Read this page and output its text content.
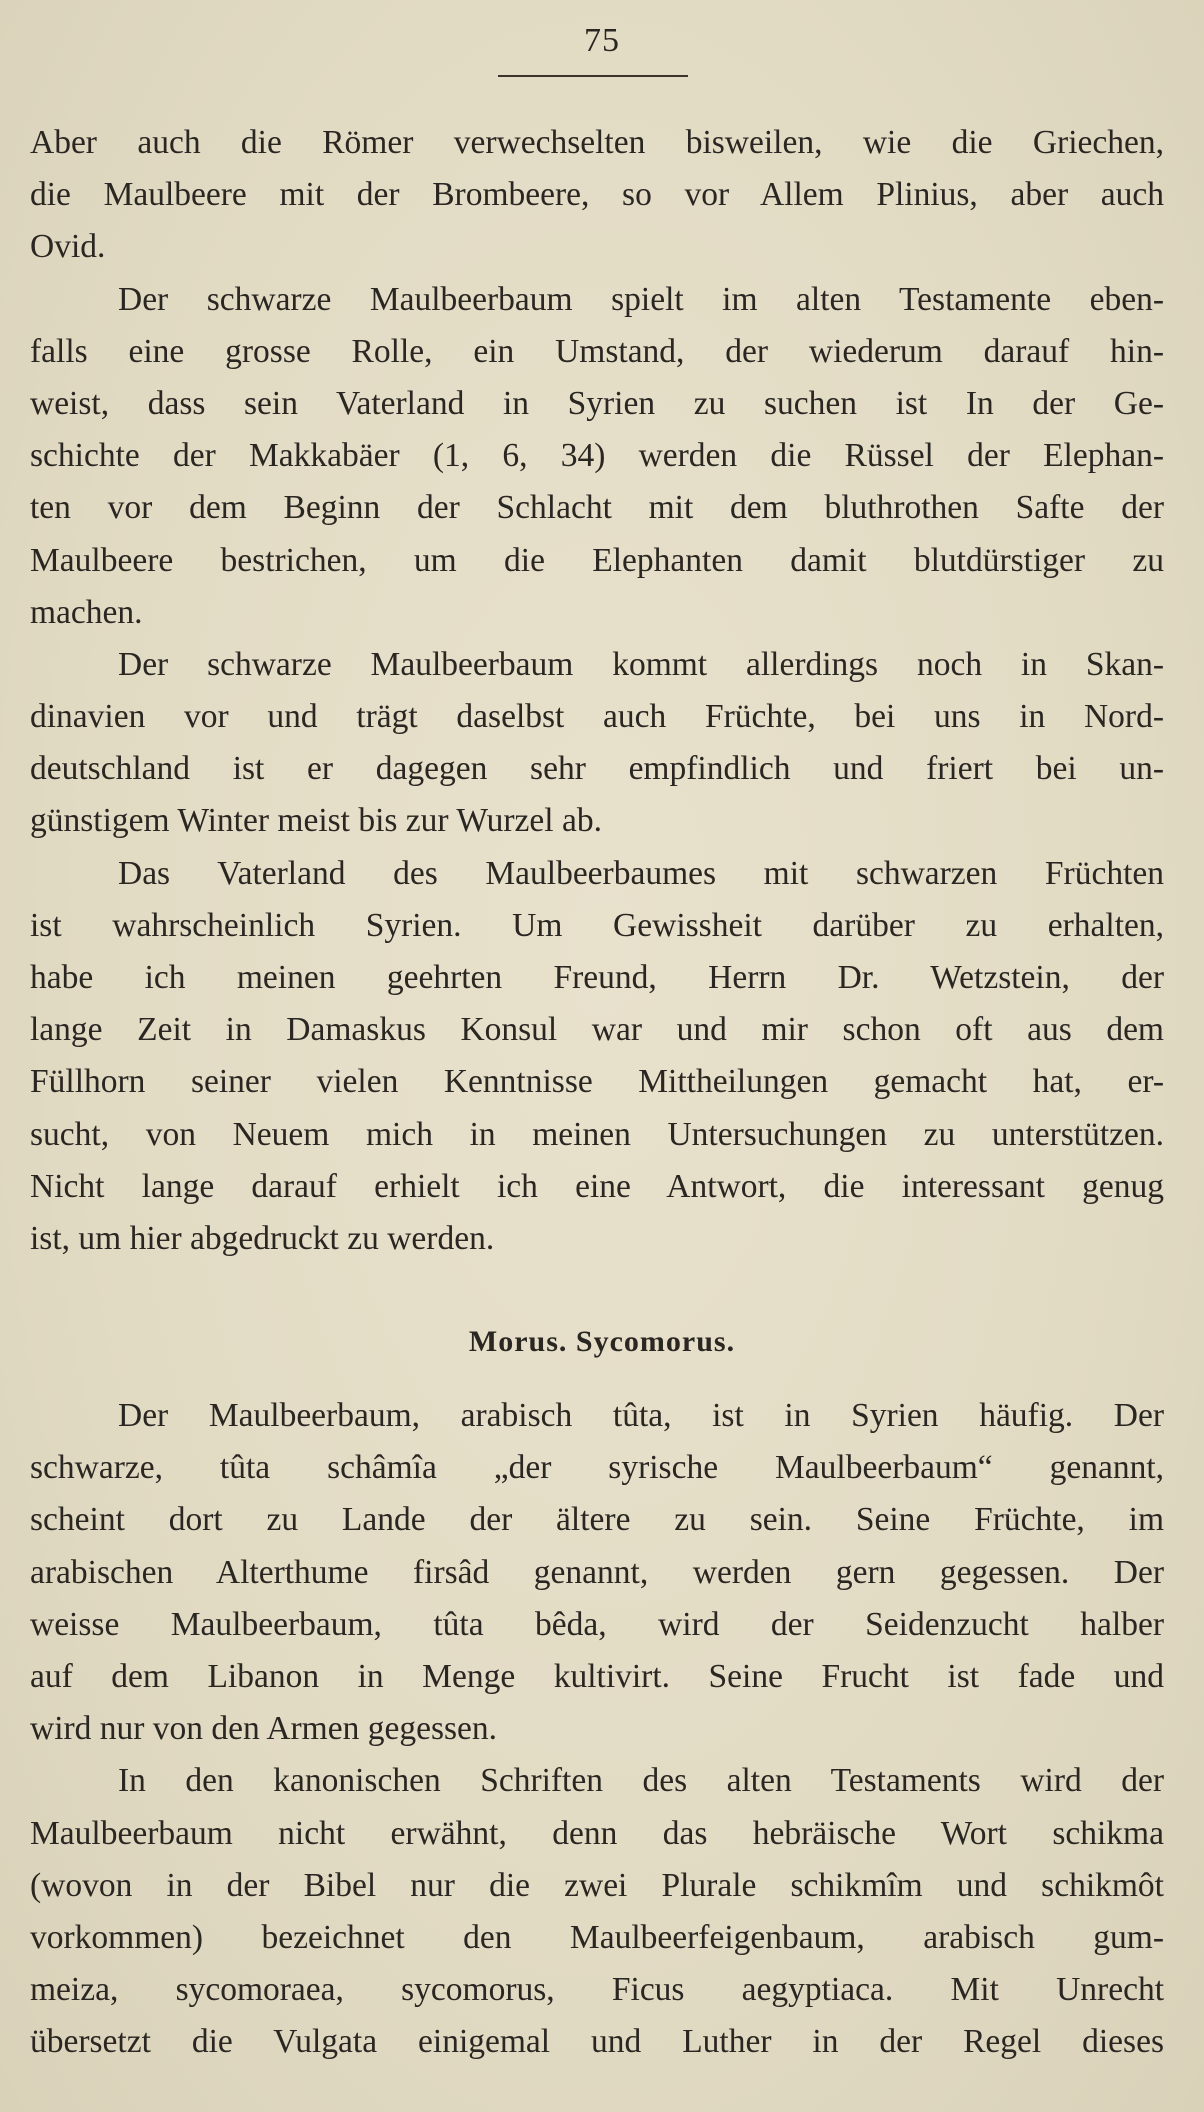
75
Aber auch die Römer verwechselten bisweilen, wie die Griechen,
die Maulbeere mit der Brombeere, so vor Allem Plinius, aber auch
Ovid.
Der schwarze Maulbeerbaum spielt im alten Testamente eben-
falls eine grosse Rolle, ein Umstand, der wiederum darauf hin-
weist, dass sein Vaterland in Syrien zu suchen ist In der Ge-
schichte der Makkabäer (1, 6, 34) werden die Rüssel der Elephan-
ten vor dem Beginn der Schlacht mit dem bluthrothen Safte der
Maulbeere bestrichen, um die Elephanten damit blutdürstiger zu
machen.
Der schwarze Maulbeerbaum kommt allerdings noch in Skan-
dinavien vor und trägt daselbst auch Früchte, bei uns in Nord-
deutschland ist er dagegen sehr empfindlich und friert bei un-
günstigem Winter meist bis zur Wurzel ab.
Das Vaterland des Maulbeerbaumes mit schwarzen Früchten
ist wahrscheinlich Syrien. Um Gewissheit darüber zu erhalten,
habe ich meinen geehrten Freund, Herrn Dr. Wetzstein, der
lange Zeit in Damaskus Konsul war und mir schon oft aus dem
Füllhorn seiner vielen Kenntnisse Mittheilungen gemacht hat, er-
sucht, von Neuem mich in meinen Untersuchungen zu unterstützen.
Nicht lange darauf erhielt ich eine Antwort, die interessant genug
ist, um hier abgedruckt zu werden.
Morus. Sycomorus.
Der Maulbeerbaum, arabisch tûta, ist in Syrien häufig. Der
schwarze, tûta schâmîa „der syrische Maulbeerbaum“ genannt,
scheint dort zu Lande der ältere zu sein. Seine Früchte, im
arabischen Alterthume firsâd genannt, werden gern gegessen. Der
weisse Maulbeerbaum, tûta bêda, wird der Seidenzucht halber
auf dem Libanon in Menge kultivirt. Seine Frucht ist fade und
wird nur von den Armen gegessen.
In den kanonischen Schriften des alten Testaments wird der
Maulbeerbaum nicht erwähnt, denn das hebräische Wort schikma
(wovon in der Bibel nur die zwei Plurale schikmîm und schikmôt
vorkommen) bezeichnet den Maulbeerfeigenbaum, arabisch gum-
meiza, sycomoraea, sycomorus, Ficus aegyptiaca. Mit Unrecht
übersetzt die Vulgata einigemal und Luther in der Regel dieses
